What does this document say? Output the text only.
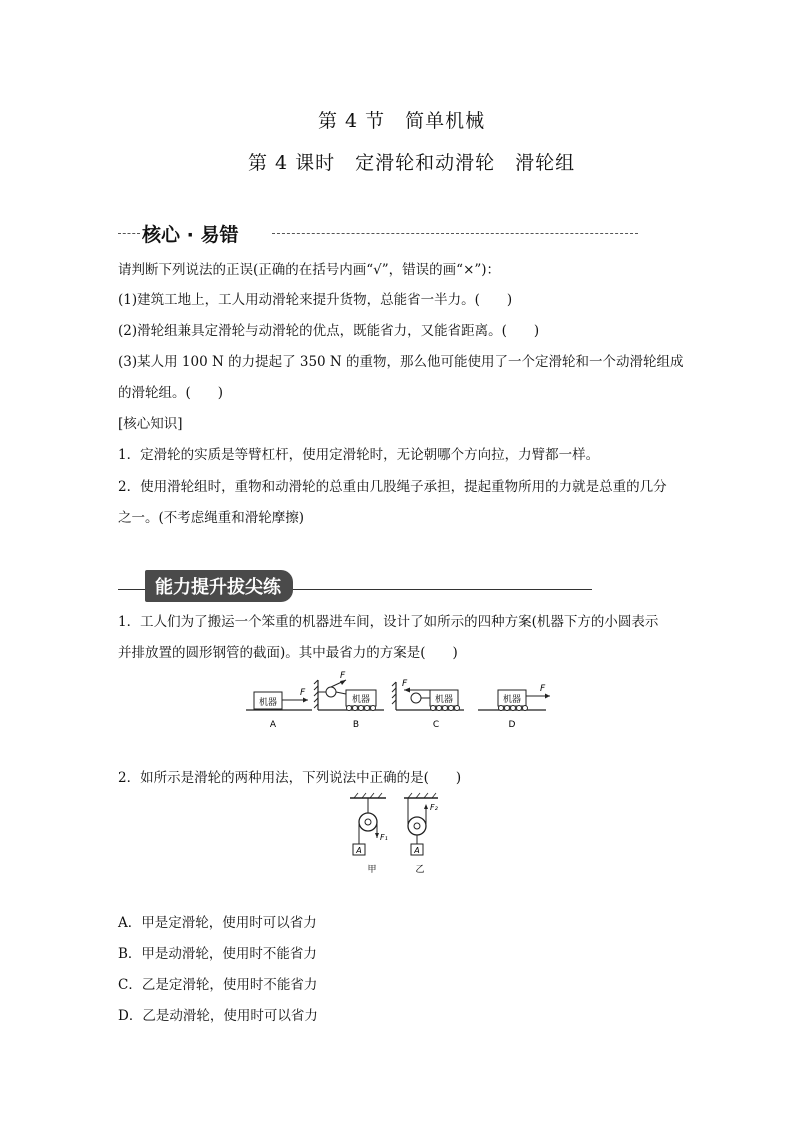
第 4 节　简单机械
第 4 课时　定滑轮和动滑轮　滑轮组
核心 · 易错
请判断下列说法的正误(正确的在括号内画“√”，错误的画“×”)：
(1)建筑工地上，工人用动滑轮来提升货物，总能省一半力。(　　)
(2)滑轮组兼具定滑轮与动滑轮的优点，既能省力，又能省距离。(　　)
(3)某人用 100 N 的力提起了 350 N 的重物，那么他可能使用了一个定滑轮和一个动滑轮组成
的滑轮组。(　　)
[核心知识]
1．定滑轮的实质是等臂杠杆，使用定滑轮时，无论朝哪个方向拉，力臂都一样。
2．使用滑轮组时，重物和动滑轮的总重由几股绳子承担，提起重物所用的力就是总重的几分
之一。(不考虑绳重和滑轮摩擦)
能力提升拔尖练
1．工人们为了搬运一个笨重的机器进车间，设计了如所示的四种方案(机器下方的小圆表示
并排放置的圆形钢管的截面)。其中最省力的方案是(　　)
机器
F
A
机器
F
B
F
机器
C
机器
F
D
2．如所示是滑轮的两种用法，下列说法中正确的是(　　)
F₁
A
甲
F₂
A
乙
A．甲是定滑轮，使用时可以省力
B．甲是动滑轮，使用时不能省力
C．乙是定滑轮，使用时不能省力
D．乙是动滑轮，使用时可以省力
